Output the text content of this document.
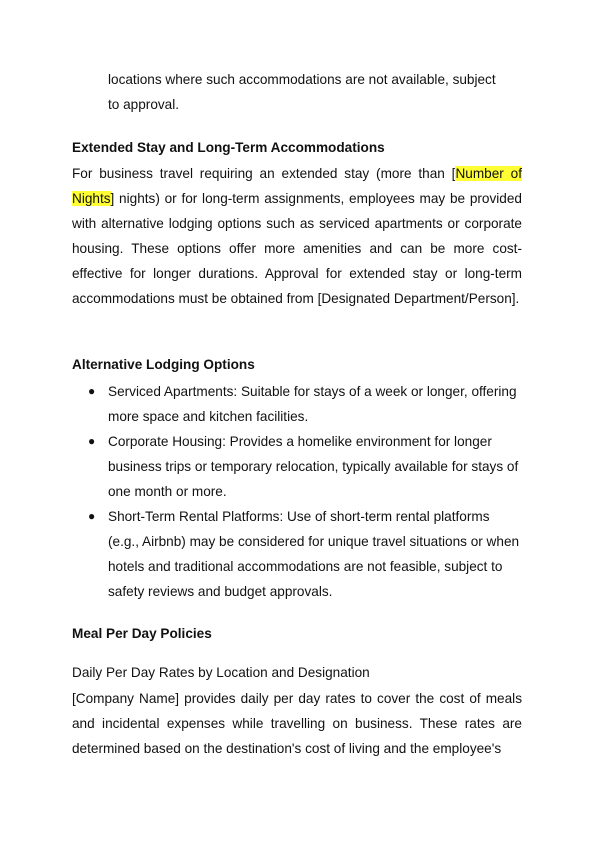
locations where such accommodations are not available, subject
to approval.
Extended Stay and Long-Term Accommodations
For business travel requiring an extended stay (more than [Number of Nights] nights) or for long-term assignments, employees may be provided with alternative lodging options such as serviced apartments or corporate housing. These options offer more amenities and can be more cost-effective for longer durations. Approval for extended stay or long-term accommodations must be obtained from [Designated Department/Person].
Alternative Lodging Options
● Serviced Apartments: Suitable for stays of a week or longer, offering more space and kitchen facilities.
● Corporate Housing: Provides a homelike environment for longer business trips or temporary relocation, typically available for stays of one month or more.
● Short-Term Rental Platforms: Use of short-term rental platforms (e.g., Airbnb) may be considered for unique travel situations or when hotels and traditional accommodations are not feasible, subject to safety reviews and budget approvals.
Meal Per Day Policies
Daily Per Day Rates by Location and Designation
[Company Name] provides daily per day rates to cover the cost of meals and incidental expenses while travelling on business. These rates are determined based on the destination's cost of living and the employee's
